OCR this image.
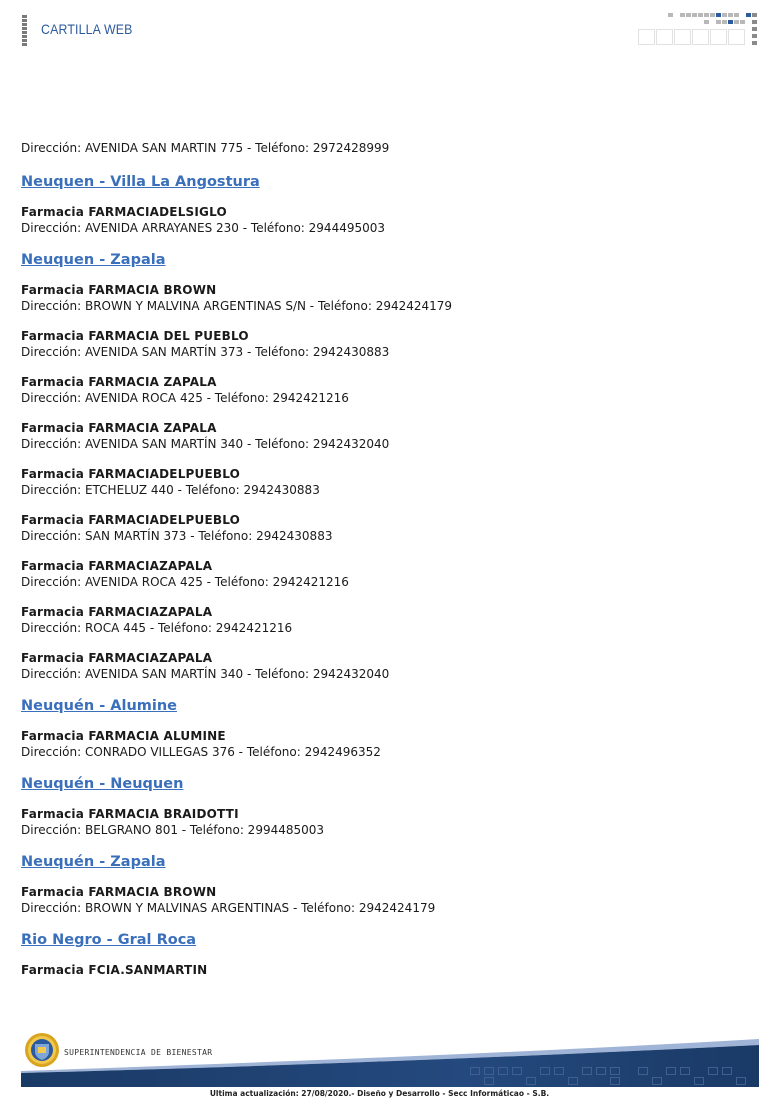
CARTILLA WEB
Dirección: AVENIDA SAN MARTIN 775 - Teléfono: 2972428999
Neuquen - Villa La Angostura
Farmacia FARMACIADELSIGLO
Dirección: AVENIDA ARRAYANES 230 - Teléfono: 2944495003
Neuquen - Zapala
Farmacia FARMACIA BROWN
Dirección: BROWN Y MALVINA ARGENTINAS S/N - Teléfono: 2942424179
Farmacia FARMACIA DEL PUEBLO
Dirección: AVENIDA SAN MARTÍN 373 - Teléfono: 2942430883
Farmacia FARMACIA ZAPALA
Dirección: AVENIDA ROCA 425 - Teléfono: 2942421216
Farmacia FARMACIA ZAPALA
Dirección: AVENIDA SAN MARTÍN 340 - Teléfono: 2942432040
Farmacia FARMACIADELPUEBLO
Dirección: ETCHELUZ 440 - Teléfono: 2942430883
Farmacia FARMACIADELPUEBLO
Dirección: SAN MARTÍN 373 - Teléfono: 2942430883
Farmacia FARMACIAZAPALA
Dirección: AVENIDA ROCA 425 - Teléfono: 2942421216
Farmacia FARMACIAZAPALA
Dirección: ROCA 445 - Teléfono: 2942421216
Farmacia FARMACIAZAPALA
Dirección: AVENIDA SAN MARTÍN 340 - Teléfono: 2942432040
Neuquén - Alumine
Farmacia FARMACIA ALUMINE
Dirección: CONRADO VILLEGAS 376 - Teléfono: 2942496352
Neuquén - Neuquen
Farmacia FARMACIA BRAIDOTTI
Dirección: BELGRANO 801 - Teléfono: 2994485003
Neuquén - Zapala
Farmacia FARMACIA BROWN
Dirección: BROWN Y MALVINAS ARGENTINAS - Teléfono: 2942424179
Rio Negro - Gral Roca
Farmacia FCIA.SANMARTIN
SUPERINTENDENCIA DE BIENESTAR
Ultima actualización: 27/08/2020.- Diseño y Desarrollo - Secc Informáticao - S.B.
